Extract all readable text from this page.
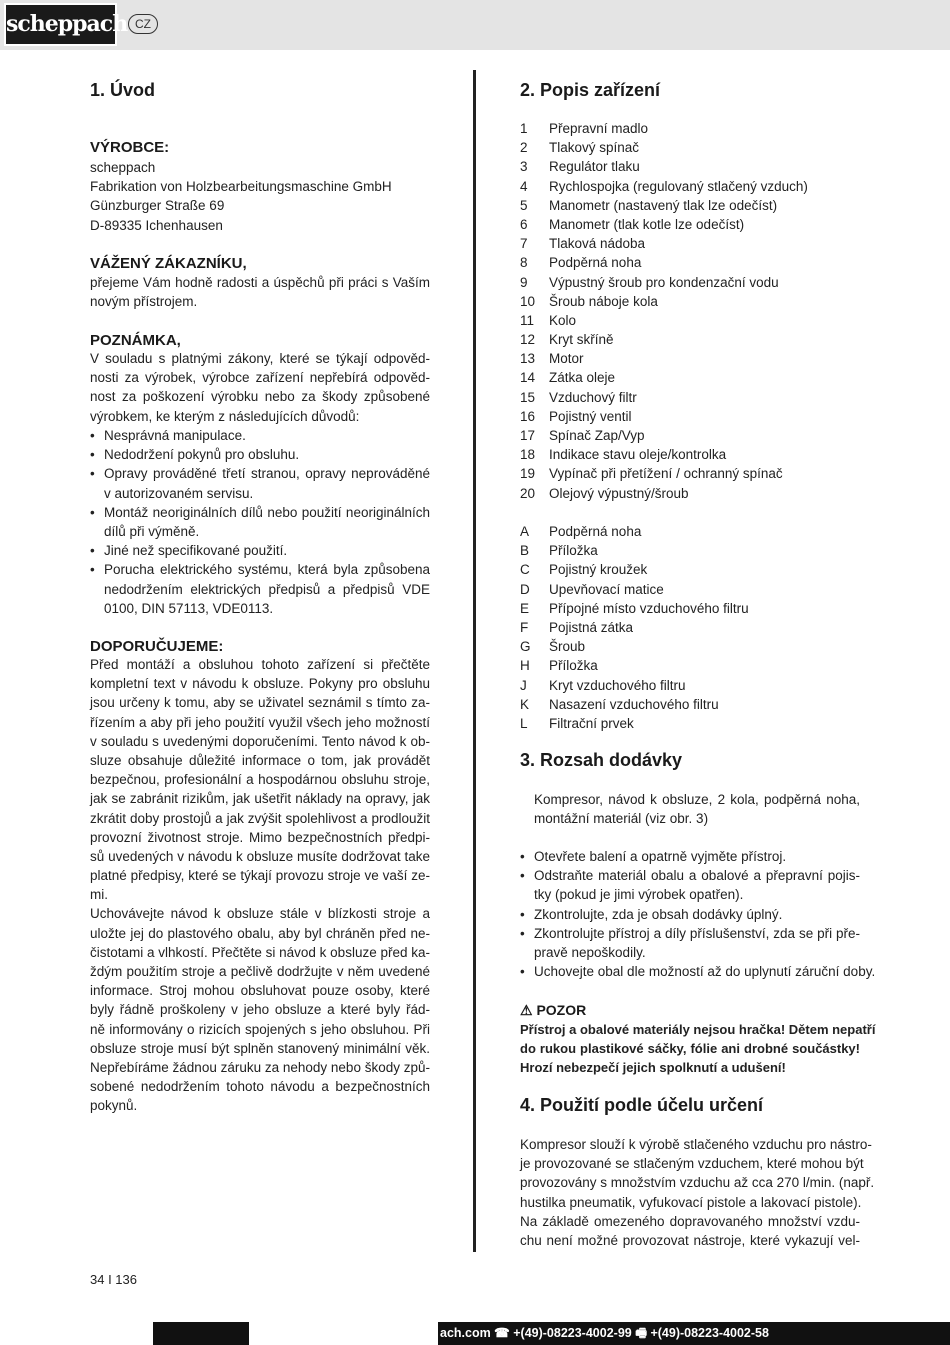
scheppach CZ
1. Úvod
VÝROBCE:
scheppach
Fabrikation von Holzbearbeitungsmaschine GmbH
Günzburger Straße 69
D-89335 Ichenhausen
VÁŽENÝ ZÁKAZNÍKU,
přejeme Vám hodně radosti a úspěchů při práci s Vaším
novým přístrojem.
POZNÁMKA,
V souladu s platnými zákony, které se týkají odpověd-
nosti za výrobek, výrobce zařízení nepřebírá odpověd-
nost za poškození výrobku nebo za škody způsobené
výrobkem, ke kterým z následujících důvodů:
• Nesprávná manipulace.
• Nedodržení pokynů pro obsluhu.
• Opravy prováděné třetí stranou, opravy neprováděné
v autorizovaném servisu.
• Montáž neoriginálních dílů nebo použití neoriginálních
dílů při výměně.
• Jiné než specifikované použití.
• Porucha elektrického systému, která byla způsobena
nedodržením elektrických předpisů a předpisů VDE
0100, DIN 57113, VDE0113.
DOPORUČUJEME:
Před montáží a obsluhou tohoto zařízení si přečtěte
kompletní text v návodu k obsluze. Pokyny pro obsluhu
jsou určeny k tomu, aby se uživatel seznámil s tímto za-
řízením a aby při jeho použití využil všech jeho možností
v souladu s uvedenými doporučeními. Tento návod k ob-
sluze obsahuje důležité informace o tom, jak provádět
bezpečnou, profesionální a hospodárnou obsluhu stroje,
jak se zabránit rizikům, jak ušetřit náklady na opravy, jak
zkrátit doby prostojů a jak zvýšit spolehlivost a prodloužit
provozní životnost stroje. Mimo bezpečnostních předpi-
sů uvedených v návodu k obsluze musíte dodržovat take
platné předpisy, které se týkají provozu stroje ve vaší ze-
mi.
Uchovávejte návod k obsluze stále v blízkosti stroje a
uložte jej do plastového obalu, aby byl chráněn před ne-
čistotami a vlhkostí. Přečtěte si návod k obsluze před ka-
ždým použitím stroje a pečlivě dodržujte v něm uvedené
informace. Stroj mohou obsluhovat pouze osoby, které
byly řádně proškoleny v jeho obsluze a které byly řád-
ně informovány o rizicích spojených s jeho obsluhou. Při
obsluze stroje musí být splněn stanovený minimální věk.
Nepřebíráme žádnou záruku za nehody nebo škody způ-
sobené nedodržením tohoto návodu a bezpečnostních
pokynů.
2. Popis zařízení
1 Přepravní madlo
2 Tlakový spínač
3 Regulátor tlaku
4 Rychlospojka (regulovaný stlačený vzduch)
5 Manometr (nastavený tlak lze odečíst)
6 Manometr (tlak kotle lze odečíst)
7 Tlaková nádoba
8 Podpěrná noha
9 Výpustný šroub pro kondenzační vodu
10 Šroub náboje kola
11 Kolo
12 Kryt skříně
13 Motor
14 Zátka oleje
15 Vzduchový filtr
16 Pojistný ventil
17 Spínač Zap/Vyp
18 Indikace stavu oleje/kontrolka
19 Vypínač při přetížení / ochranný spínač
20 Olejový výpustný/šroub
A Podpěrná noha
B Příložka
C Pojistný kroužek
D Upevňovací matice
E Přípojné místo vzduchového filtru
F Pojistná zátka
G Šroub
H Příložka
J Kryt vzduchového filtru
K Nasazení vzduchového filtru
L Filtrační prvek
3. Rozsah dodávky
Kompresor, návod k obsluze, 2 kola, podpěrná noha,
montážní materiál (viz obr. 3)
• Otevřete balení a opatrně vyjměte přístroj.
• Odstraňte materiál obalu a obalové a přepravní pojis-
tky (pokud je jimi výrobek opatřen).
• Zkontrolujte, zda je obsah dodávky úplný.
• Zkontrolujte přístroj a díly příslušenství, zda se při pře-
pravě nepoškodily.
• Uchovejte obal dle možností až do uplynutí záruční doby.
⚠ POZOR
Přístroj a obalové materiály nejsou hračka! Dětem nepatří
do rukou plastikové sáčky, fólie ani drobné součástky!
Hrozí nebezpečí jejich spolknutí a udušení!
4. Použití podle účelu určení
Kompresor slouží k výrobě stlačeného vzduchu pro nástro-
je provozované se stlačeným vzduchem, které mohou být
provozovány s množstvím vzduchu až cca 270 l/min. (např.
hustilka pneumatik, vyfukovací pistole a lakovací pistole).
Na základě omezeného dopravovaného množství vzdu-
chu není možné provozovat nástroje, které vykazují vel-
34 I 136
ach.com ☎ +(49)-08223-4002-99 🖷 +(49)-08223-4002-58
